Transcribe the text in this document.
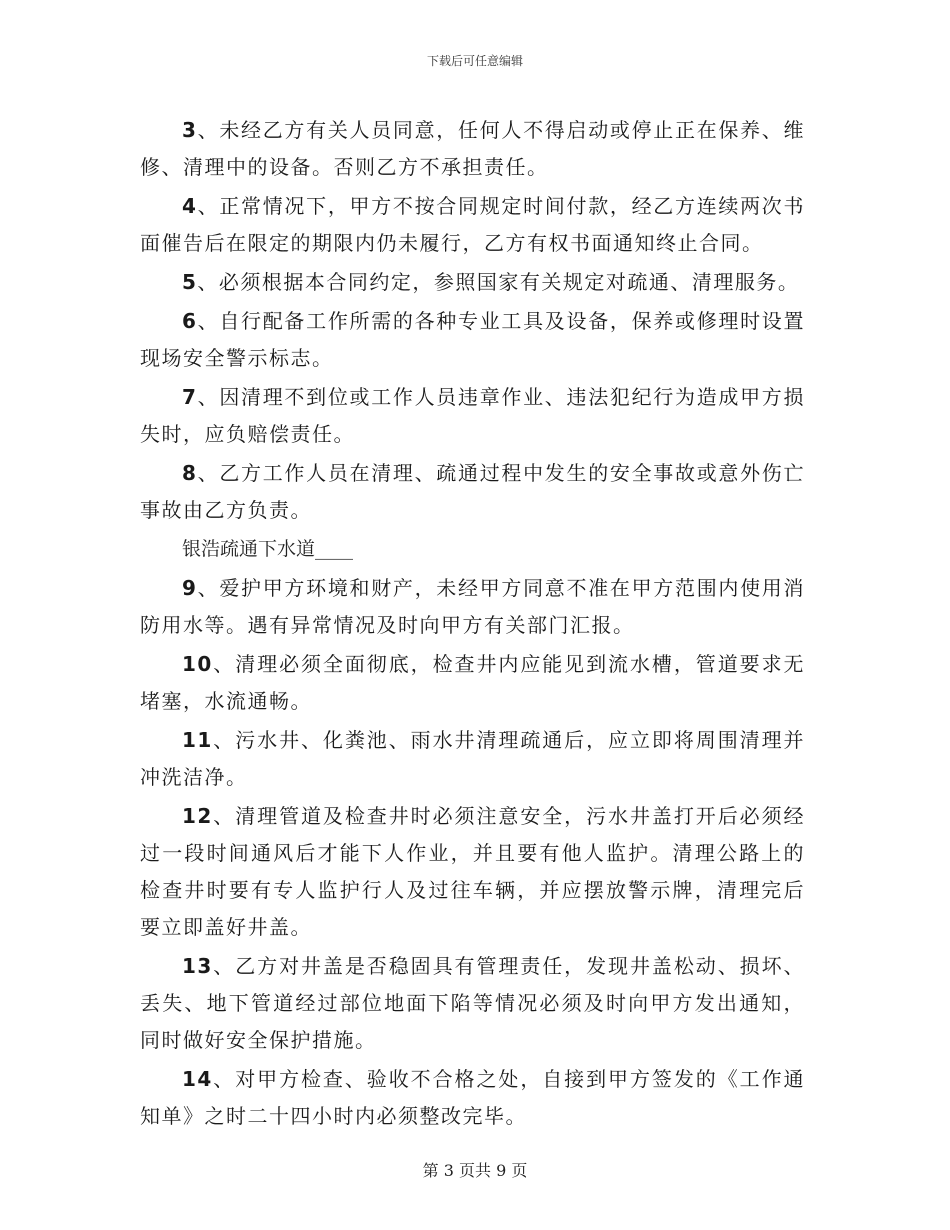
下载后可任意编辑

3、未经乙方有关人员同意，任何人不得启动或停止正在保养、维修、清理中的设备。否则乙方不承担责任。

4、正常情况下，甲方不按合同规定时间付款，经乙方连续两次书面催告后在限定的期限内仍未履行，乙方有权书面通知终止合同。

5、必须根据本合同约定，参照国家有关规定对疏通、清理服务。

6、自行配备工作所需的各种专业工具及设备，保养或修理时设置现场安全警示标志。

7、因清理不到位或工作人员违章作业、违法犯纪行为造成甲方损失时，应负赔偿责任。

8、乙方工作人员在清理、疏通过程中发生的安全事故或意外伤亡事故由乙方负责。

银浩疏通下水道____

9、爱护甲方环境和财产，未经甲方同意不准在甲方范围内使用消防用水等。遇有异常情况及时向甲方有关部门汇报。

10、清理必须全面彻底，检查井内应能见到流水槽，管道要求无堵塞，水流通畅。

11、污水井、化粪池、雨水井清理疏通后，应立即将周围清理并冲洗洁净。

12、清理管道及检查井时必须注意安全，污水井盖打开后必须经过一段时间通风后才能下人作业，并且要有他人监护。清理公路上的检查井时要有专人监护行人及过往车辆，并应摆放警示牌，清理完后要立即盖好井盖。

13、乙方对井盖是否稳固具有管理责任，发现井盖松动、损坏、丢失、地下管道经过部位地面下陷等情况必须及时向甲方发出通知，同时做好安全保护措施。

14、对甲方检查、验收不合格之处，自接到甲方签发的《工作通知单》之时二十四小时内必须整改完毕。

第 3 页共 9 页
